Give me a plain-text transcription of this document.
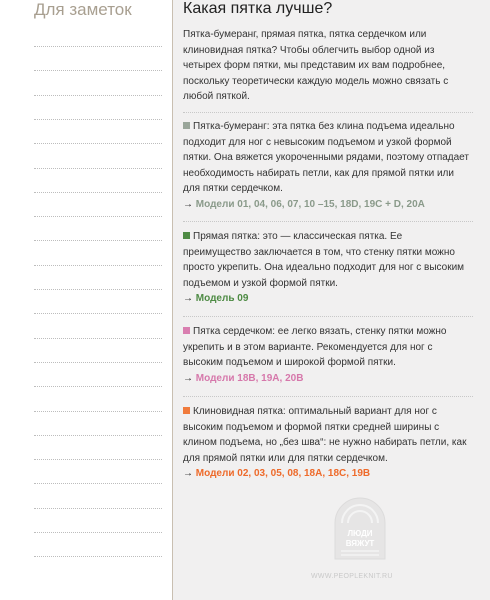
Для заметок	Какая пятка лучше?
Пятка-бумеранг, прямая пятка, пятка сердечком или клиновидная пятка? Чтобы облегчить выбор одной из четырех форм пятки, мы представим их вам подробнее, поскольку теоретически каждую модель можно связать с любой пяткой.
Пятка-бумеранг: эта пятка без клина подъема идеально подходит для ног с невысоким подъемом и узкой формой пятки. Она вяжется укороченными рядами, поэтому отпадает необходимость набирать петли, как для прямой пятки или для пятки сердечком.
→ Модели 01, 04, 06, 07, 10 –15, 18D, 19C + D, 20A
Прямая пятка: это — классическая пятка. Ее преимущество заключается в том, что стенку пятки можно просто укрепить. Она идеально подходит для ног с высоким подъемом и узкой формой пятки.
→ Модель 09
Пятка сердечком: ее легко вязать, стенку пятки можно укрепить и в этом варианте. Рекомендуется для ног с высоким подъемом и широкой формой пятки.
→ Модели 18B, 19A, 20B
Клиновидная пятка: оптимальный вариант для ног с высоким подъемом и формой пятки средней ширины с клином подъема, но „без шва“: не нужно набирать петли, как для прямой пятки или для пятки сердечком.
→ Модели 02, 03, 05, 08, 18A, 18C, 19B
ЛЮДИ
ВЯЖУТ
WWW.PEOPLEKNIT.RU
